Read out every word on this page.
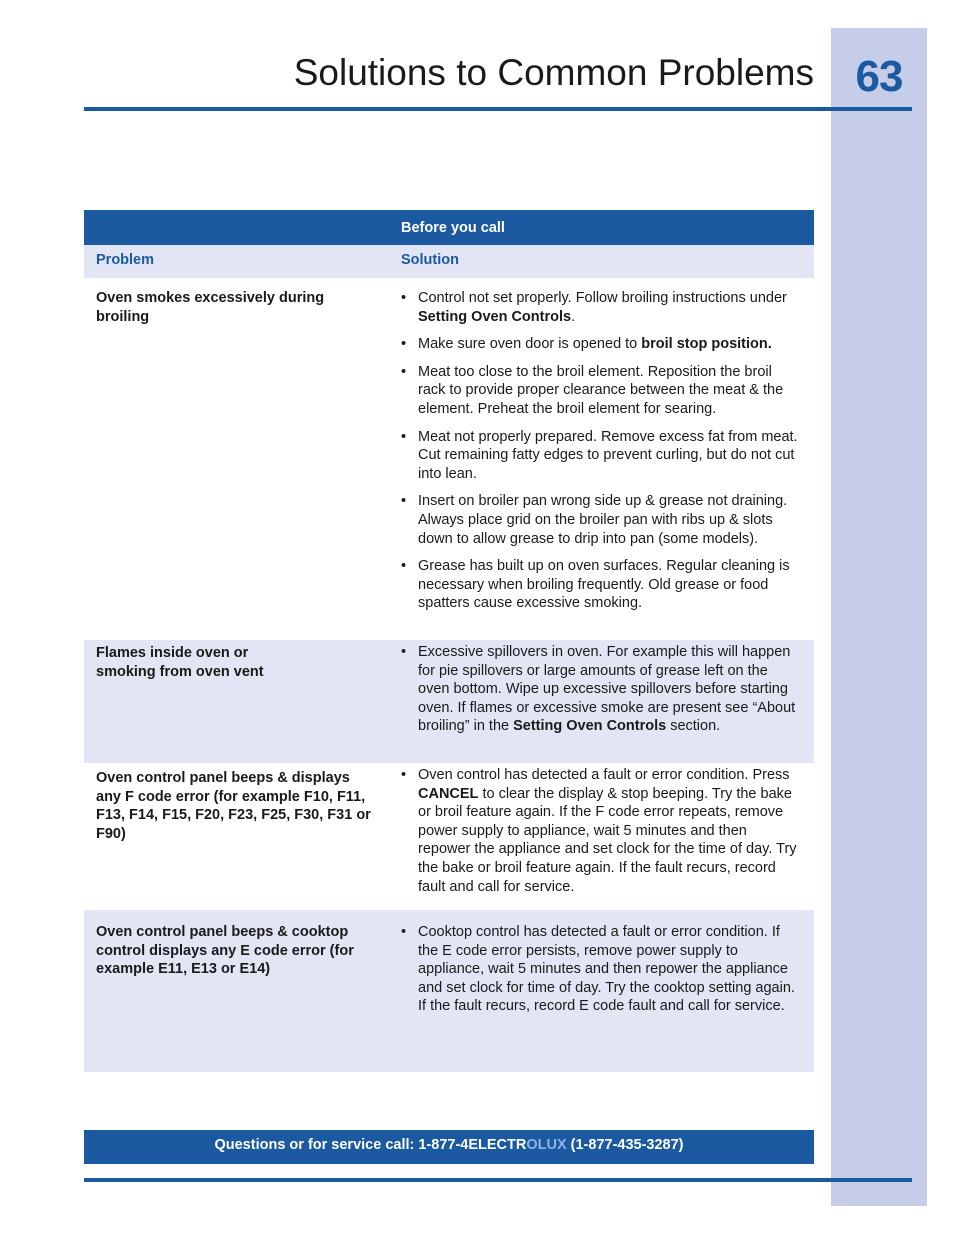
63
Solutions to Common Problems
Before you call
Problem	Solution
Oven smokes excessively during broiling
• Control not set properly. Follow broiling instructions under Setting Oven Controls.
• Make sure oven door is opened to broil stop position.
• Meat too close to the broil element. Reposition the broil rack to provide proper clearance between the meat & the element. Preheat the broil element for searing.
• Meat not properly prepared. Remove excess fat from meat. Cut remaining fatty edges to prevent curling, but do not cut into lean.
• Insert on broiler pan wrong side up & grease not draining. Always place grid on the broiler pan with ribs up & slots down to allow grease to drip into pan (some models).
• Grease has built up on oven surfaces. Regular cleaning is necessary when broiling frequently. Old grease or food spatters cause excessive smoking.
Flames inside oven or
smoking from oven vent
• Excessive spillovers in oven. For example this will happen for pie spillovers or large amounts of grease left on the oven bottom. Wipe up excessive spillovers before starting oven. If flames or excessive smoke are present see “About broiling” in the Setting Oven Controls section.
Oven control panel beeps & displays any F code error (for example F10, F11, F13, F14, F15, F20, F23, F25, F30, F31 or F90)
• Oven control has detected a fault or error condition. Press CANCEL to clear the display & stop beeping. Try the bake or broil feature again. If the F code error repeats, remove power supply to appliance, wait 5 minutes and then repower the appliance and set clock for the time of day. Try the bake or broil feature again. If the fault recurs, record fault and call for service.
Oven control panel beeps & cooktop control displays any E code error (for example E11, E13 or E14)
• Cooktop control has detected a fault or error condition. If the E code error persists, remove power supply to appliance, wait 5 minutes and then repower the appliance and set clock for time of day. Try the cooktop setting again. If the fault recurs, record E code fault and call for service.
Questions or for service call: 1-877-4ELECTROLUX (1-877-435-3287)
